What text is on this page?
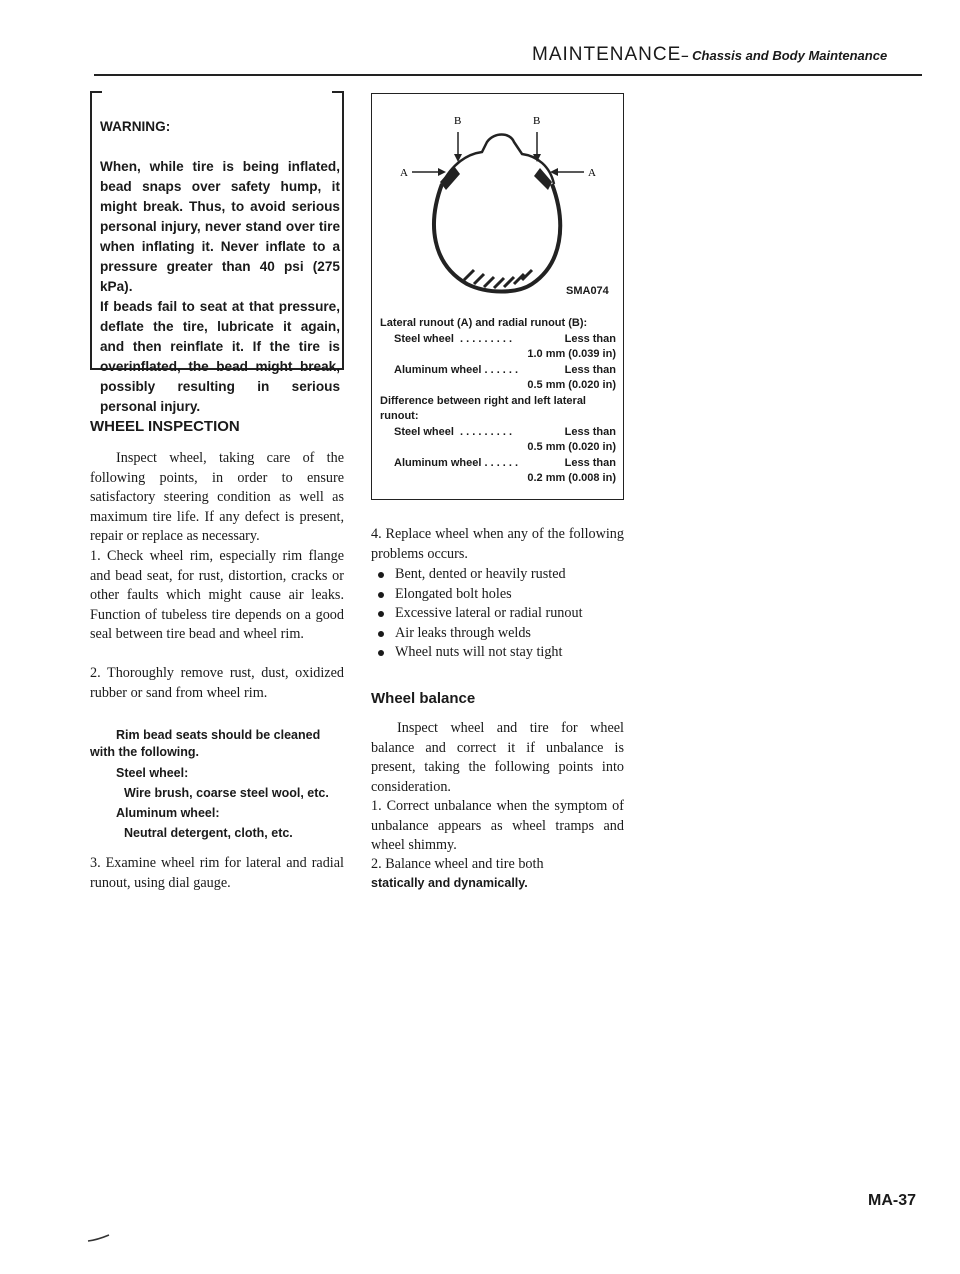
MAINTENANCE– Chassis and Body Maintenance

WARNING:

When, while tire is being inflated, bead snaps over safety hump, it might break. Thus, to avoid serious personal injury, never stand over tire when inflating it. Never inflate to a pressure greater than 40 psi (275 kPa).
If beads fail to seat at that pressure, deflate the tire, lubricate it again, and then reinflate it. If the tire is overinflated, the bead might break, possibly resulting in serious personal injury.

WHEEL INSPECTION
Inspect wheel, taking care of the following points, in order to ensure satisfactory steering condition as well as maximum tire life. If any defect is present, repair or replace as necessary.
1. Check wheel rim, especially rim flange and bead seat, for rust, distortion, cracks or other faults which might cause air leaks. Function of tubeless tire depends on a good seal between tire bead and wheel rim.
2. Thoroughly remove rust, dust, oxidized rubber or sand from wheel rim.
Rim bead seats should be cleaned with the following.
Steel wheel:
Wire brush, coarse steel wool, etc.
Aluminum wheel:
Neutral detergent, cloth, etc.
3. Examine wheel rim for lateral and radial runout, using dial gauge.
B	B
A	A
SMA074
Lateral runout (A) and radial runout (B):
Steel wheel . . . . . . . . .	Less than
1.0 mm (0.039 in)
Aluminum wheel . . . . . .	Less than
0.5 mm (0.020 in)
Difference between right and left lateral runout:
Steel wheel . . . . . . . . .	Less than
0.5 mm (0.020 in)
Aluminum wheel . . . . . .	Less than
0.2 mm (0.008 in)
4. Replace wheel when any of the following problems occurs.
Bent, dented or heavily rusted
Elongated bolt holes
Excessive lateral or radial runout
Air leaks through welds
Wheel nuts will not stay tight
Wheel balance
Inspect wheel and tire for wheel balance and correct it if unbalance is present, taking the following points into consideration.
1. Correct unbalance when the symptom of unbalance appears as wheel tramps and wheel shimmy.
2. Balance wheel and tire both
statically and dynamically.
MA-37
